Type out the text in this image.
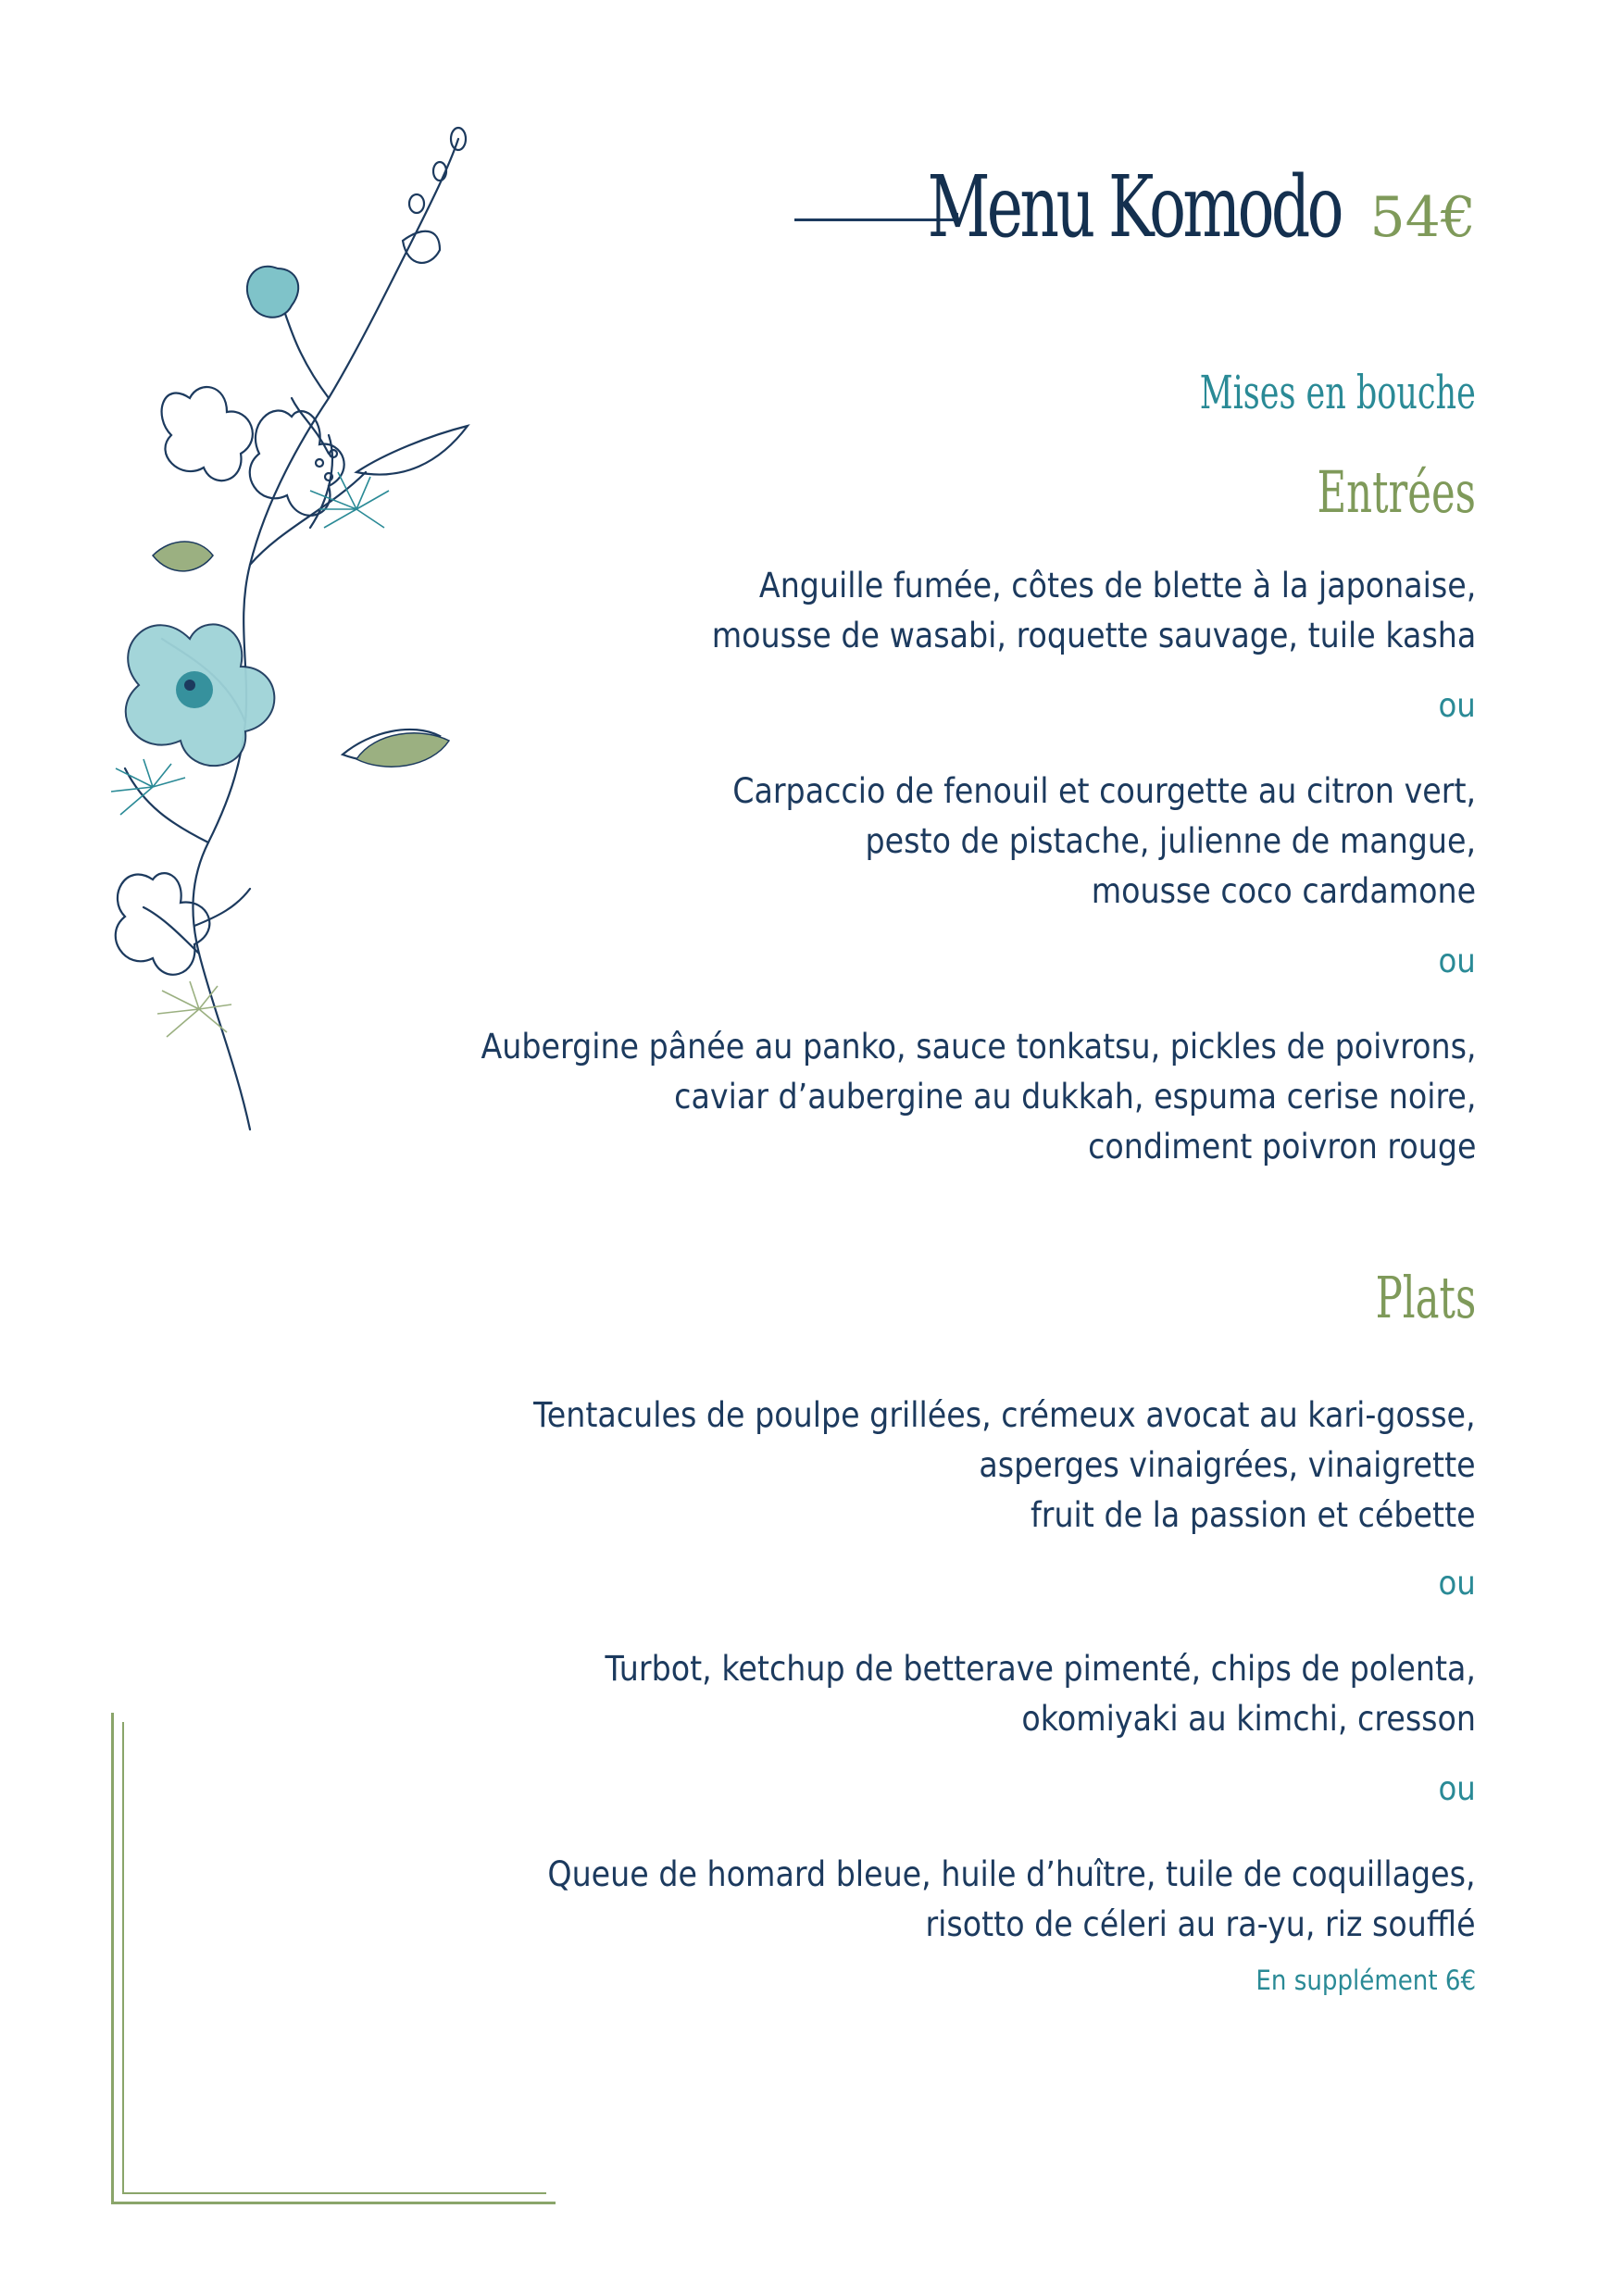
Menu Komodo 54€
Mises en bouche
Entrées
Anguille fumée, côtes de blette à la japonaise,
mousse de wasabi, roquette sauvage, tuile kasha
ou
Carpaccio de fenouil et courgette au citron vert,
pesto de pistache, julienne de mangue,
mousse coco cardamone
ou
Aubergine pânée au panko, sauce tonkatsu, pickles de poivrons,
caviar d’aubergine au dukkah, espuma cerise noire,
condiment poivron rouge
Plats
Tentacules de poulpe grillées, crémeux avocat au kari-gosse,
asperges vinaigrées, vinaigrette
fruit de la passion et cébette
ou
Turbot, ketchup de betterave pimenté, chips de polenta,
okomiyaki au kimchi, cresson
ou
Queue de homard bleue, huile d’huître, tuile de coquillages,
risotto de céleri au ra-yu, riz soufflé
En supplément 6€
